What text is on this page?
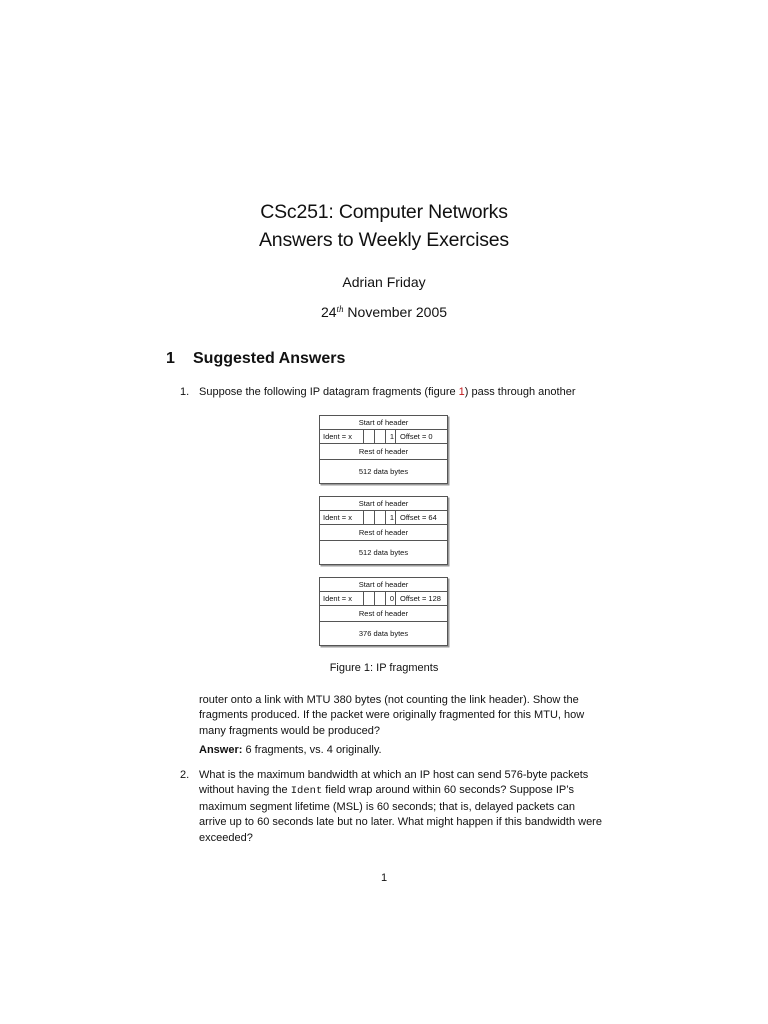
CSc251: Computer Networks
Answers to Weekly Exercises
Adrian Friday
24th November 2005
1 Suggested Answers
1. Suppose the following IP datagram fragments (figure 1) pass through another

Start of header
Ident = x	1 Offset = 0
Rest of header
512 data bytes
Start of header
Ident = x	1 Offset = 64
Rest of header
512 data bytes
Start of header
Ident = x	0 Offset = 128
Rest of header
376 data bytes
Figure 1: IP fragments

router onto a link with MTU 380 bytes (not counting the link header). Show the fragments produced. If the packet were originally fragmented for this MTU, how many fragments would be produced?

Answer: 6 fragments, vs. 4 originally.

2. What is the maximum bandwidth at which an IP host can send 576-byte packets without having the Ident field wrap around within 60 seconds? Suppose IP’s maximum segment lifetime (MSL) is 60 seconds; that is, delayed packets can arrive up to 60 seconds late but no later. What might happen if this bandwidth were exceeded?

1
